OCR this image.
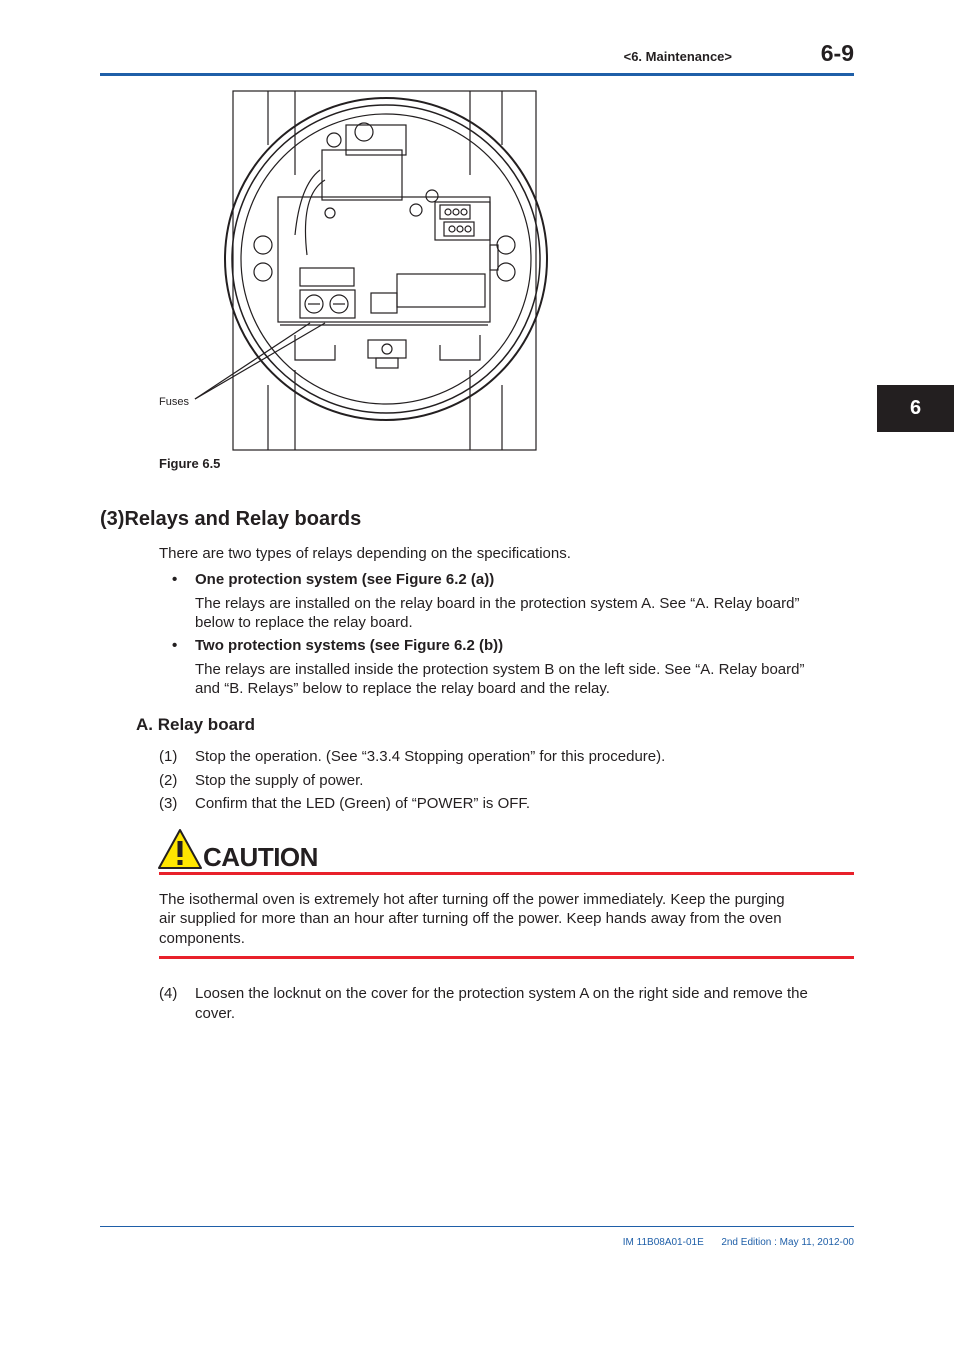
<6. Maintenance>	6-9
6
Fuses
Figure 6.5
(3)Relays and Relay boards
There are two types of relays depending on the specifications.
• One protection system (see Figure 6.2 (a))
The relays are installed on the relay board in the protection system A. See “A. Relay board”
below to replace the relay board.
• Two protection systems (see Figure 6.2 (b))
The relays are installed inside the protection system B on the left side. See “A. Relay board”
and “B. Relays” below to replace the relay board and the relay.
A. Relay board
(1)	Stop the operation. (See “3.3.4 Stopping operation” for this procedure).
(2)	Stop the supply of power.
(3)	Confirm that the LED (Green) of “POWER” is OFF.
CAUTION
The isothermal oven is extremely hot after turning off the power immediately. Keep the purging
air supplied for more than an hour after turning off the power. Keep hands away from the oven
components.
(4)	Loosen the locknut on the cover for the protection system A on the right side and remove the
cover.
IM 11B08A01-01E 2nd Edition : May 11, 2012-00
